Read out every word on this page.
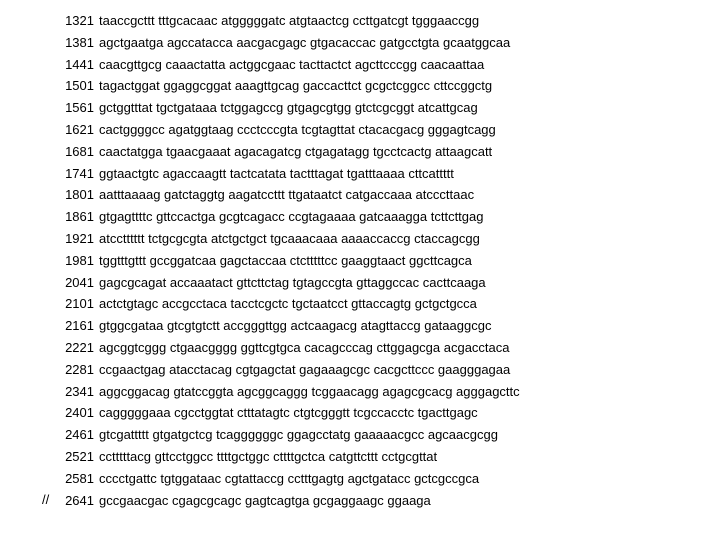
1321 taaccgcttt tttgcacaac atgggggatc atgtaactcg ccttgatcgt tgggaaccgg
1381 agctgaatga agccatacca aacgacgagc gtgacaccac gatgcctgta gcaatggcaa
1441 caacgttgcg caaactatta actggcgaac tacttactct agcttcccgg caacaattaa
1501 tagactggat ggaggcggat aaagttgcag gaccacttct gcgctcggcc cttccggctg
1561 gctggtttat tgctgataaa tctggagccg gtgagcgtgg gtctcgcggt atcattgcag
1621 cactggggcc agatggtaag ccctcccgta tcgtagttat ctacacgacg gggagtcagg
1681 caactatgga tgaacgaaat agacagatcg ctgagatagg tgcctcactg attaagcatt
1741 ggtaactgtc agaccaagtt tactcatata tactttagat tgatttaaaa cttcattttt
1801 aatttaaaag gatctaggtg aagatccttt ttgataatct catgaccaaa atcccttaac
1861 gtgagttttc gttccactga gcgtcagacc ccgtagaaaa gatcaaagga tcttcttgag
1921 atcctttttt tctgcgcgta atctgctgct tgcaaacaaa aaaaccaccg ctaccagcgg
1981 tggtttgttt gccggatcaa gagctaccaa ctctttttcc gaaggtaact ggcttcagca
2041 gagcgcagat accaaatact gttcttctag tgtagccgta gttaggccac cacttcaaga
2101 actctgtagc accgcctaca tacctcgctc tgctaatcct gttaccagtg gctgctgcca
2161 gtggcgataa gtcgtgtctt accgggttgg actcaagacg atagttaccg gataaggcgc
2221 agcggtcggg ctgaacgggg ggttcgtgca cacagcccag cttggagcga acgacctaca
2281 ccgaactgag atacctacag cgtgagctat gagaaagcgc cacgcttccc gaagggagaa
2341 aggcggacag gtatccggta agcggcaggg tcggaacagg agagcgcacg agggagcttc
2401 cagggggaaa cgcctggtat ctttatagtc ctgtcgggtt tcgccacctc tgacttgagc
2461 gtcgattttt gtgatgctcg tcaggggggc ggagcctatg gaaaaacgcc agcaacgcgg
2521 cctttttacg gttcctggcc ttttgctggc cttttgctca catgttcttt cctgcgttat
2581 cccctgattc tgtggataac cgtattaccg cctttgagtg agctgatacc gctcgccgca
2641 gccgaacgac cgagcgcagc gagtcagtga gcgaggaagc ggaaga
//
